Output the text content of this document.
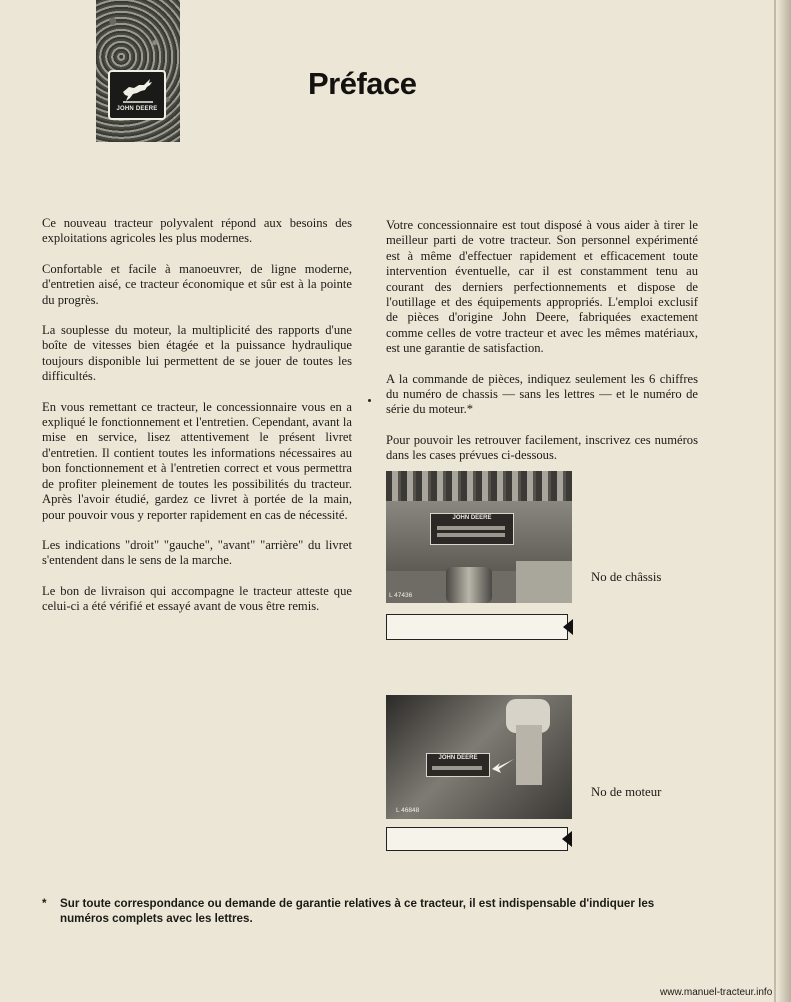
JOHN DEERE
Préface

Ce nouveau tracteur polyvalent répond aux besoins des exploitations agricoles les plus modernes.

Confortable et facile à manoeuvrer, de ligne moderne, d'entretien aisé, ce tracteur économique et sûr est à la pointe du progrès.

La souplesse du moteur, la multiplicité des rapports d'une boîte de vitesses bien étagée et la puissance hydraulique toujours disponible lui permettent de se jouer de toutes les difficultés.

En vous remettant ce tracteur, le concessionnaire vous en a expliqué le fonctionnement et l'entretien. Cependant, avant la mise en service, lisez attentivement le présent livret d'entretien. Il contient toutes les informations nécessaires au bon fonctionnement et à l'entretien correct et vous permettra de profiter pleinement de toutes les possibilités du tracteur. Après l'avoir étudié, gardez ce livret à portée de la main, pour pouvoir vous y reporter rapidement en cas de nécessité.

Les indications "droit" "gauche", "avant" "arrière" du livret s'entendent dans le sens de la marche.

Le bon de livraison qui accompagne le tracteur atteste que celui-ci a été vérifié et essayé avant de vous être remis.

Votre concessionnaire est tout disposé à vous aider à tirer le meilleur parti de votre tracteur. Son personnel expérimenté est à même d'effectuer rapidement et efficacement toute intervention éventuelle, car il est constamment tenu au courant des derniers perfectionnements et dispose de l'outillage et des équipements appropriés. L'emploi exclusif de pièces d'origine John Deere, fabriquées exactement comme celles de votre tracteur et avec les mêmes matériaux, est une garantie de satisfaction.

A la commande de pièces, indiquez seulement les 6 chiffres du numéro de chassis — sans les lettres — et le numéro de série du moteur.*

Pour pouvoir les retrouver facilement, inscrivez ces numéros dans les cases prévues ci-dessous.

JOHN DEERE
L 47436
No de châssis
JOHN DEERE
L 46848
No de moteur
*	Sur toute correspondance ou demande de garantie relatives à ce tracteur, il est indispensable d'indiquer les numéros complets avec les lettres.
www.manuel-tracteur.info
